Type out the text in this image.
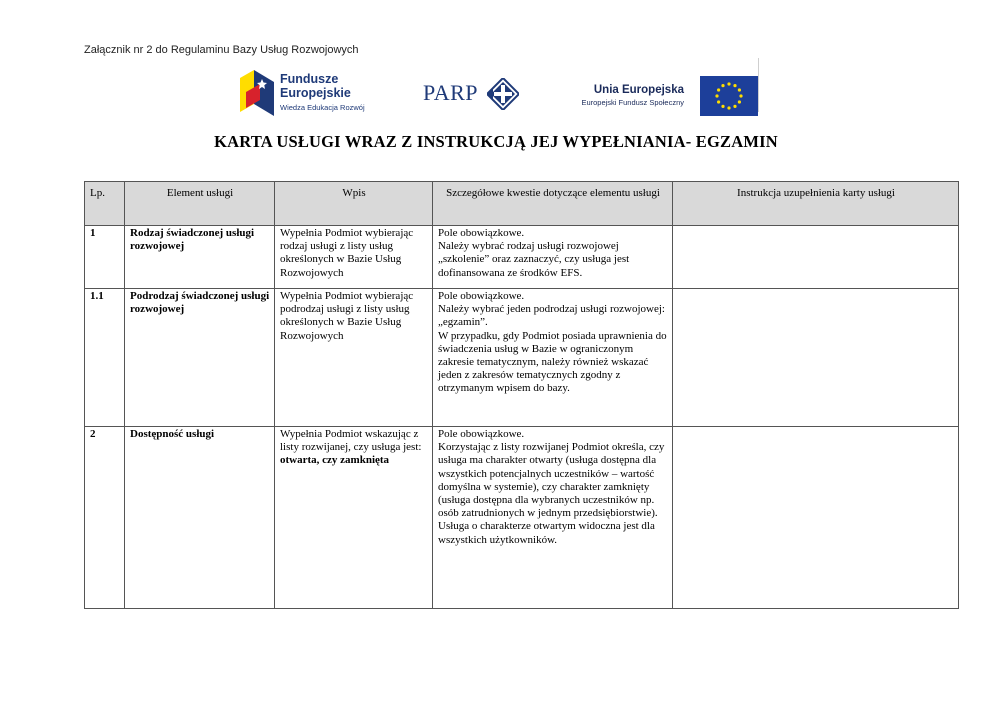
Załącznik nr 2 do Regulaminu Bazy Usług Rozwojowych
Fundusze
Europejskie
Wiedza Edukacja Rozwój
PARP	Unia Europejska
Europejski Fundusz Społeczny
KARTA USŁUGI WRAZ Z INSTRUKCJĄ JEJ WYPEŁNIANIA- EGZAMIN
Lp.	Element usługi	Wpis	Szczegółowe kwestie dotyczące elementu usługi	Instrukcja uzupełnienia karty usługi
1	Rodzaj świadczonej usługi rozwojowej	Wypełnia Podmiot wybierając rodzaj usługi z listy usług określonych w Bazie Usług Rozwojowych	Pole obowiązkowe.
Należy wybrać rodzaj usługi rozwojowej „szkolenie” oraz zaznaczyć, czy usługa jest dofinansowana ze środków EFS.	

1.1	Podrodzaj świadczonej usługi rozwojowej	Wypełnia Podmiot wybierając podrodzaj usługi z listy usług określonych w Bazie Usług Rozwojowych	Pole obowiązkowe.
Należy wybrać jeden podrodzaj usługi rozwojowej: „egzamin”.
W przypadku, gdy Podmiot posiada uprawnienia do świadczenia usług w Bazie w ograniczonym zakresie tematycznym, należy również wskazać jeden z zakresów tematycznych zgodny z otrzymanym wpisem do bazy.	

2	Dostępność usługi	Wypełnia Podmiot wskazując z listy rozwijanej, czy usługa jest: otwarta, czy zamknięta	Pole obowiązkowe.
Korzystając z listy rozwijanej Podmiot określa, czy usługa ma charakter otwarty (usługa dostępna dla wszystkich potencjalnych uczestników – wartość domyślna w systemie), czy charakter zamknięty (usługa dostępna dla wybranych uczestników np. osób zatrudnionych w jednym przedsiębiorstwie). Usługa o charakterze otwartym widoczna jest dla wszystkich użytkowników.	
